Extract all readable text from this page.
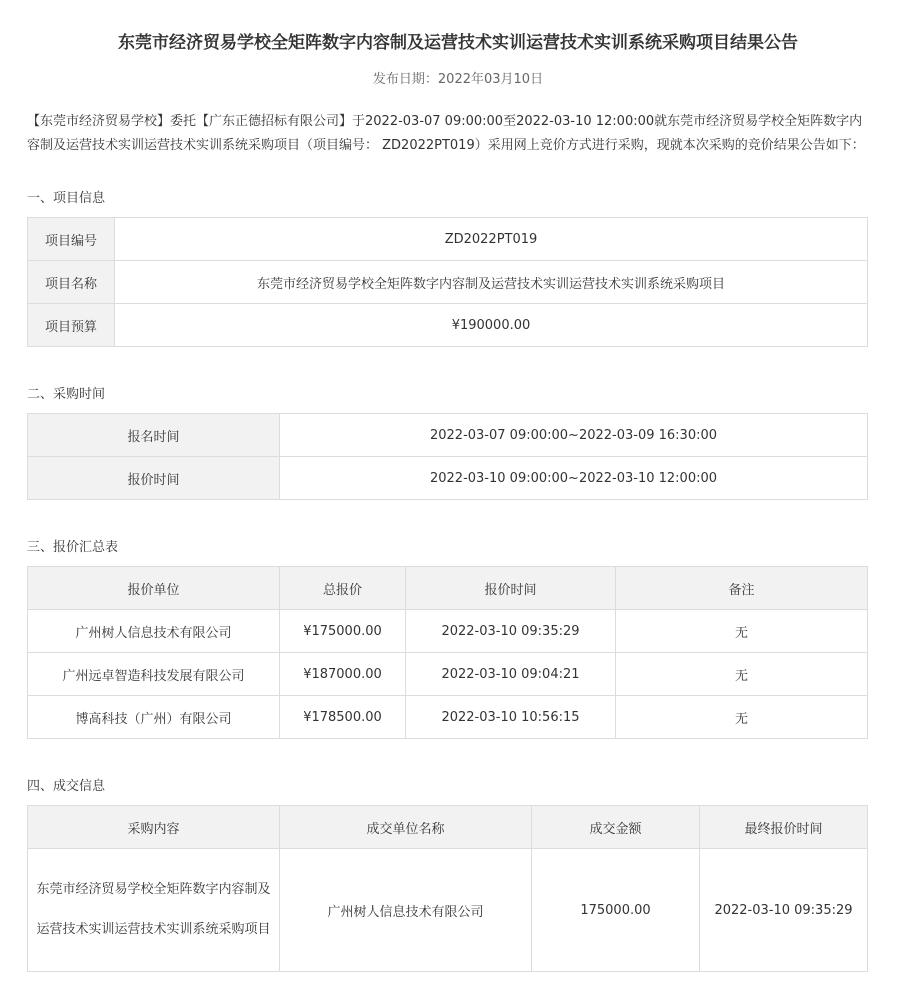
东莞市经济贸易学校全矩阵数字内容制及运营技术实训运营技术实训系统采购项目结果公告
发布日期：2022年03月10日
【东莞市经济贸易学校】委托【广东正德招标有限公司】于2022-03-07 09:00:00至2022-03-10 12:00:00就东莞市经济贸易学校全矩阵数字内容制及运营技术实训运营技术实训系统采购项目（项目编号： ZD2022PT019）采用网上竞价方式进行采购，现就本次采购的竞价结果公告如下：
一、项目信息
项目编号	ZD2022PT019
项目名称	东莞市经济贸易学校全矩阵数字内容制及运营技术实训运营技术实训系统采购项目
项目预算	¥190000.00
二、采购时间
报名时间	2022-03-07 09:00:00~2022-03-09 16:30:00
报价时间	2022-03-10 09:00:00~2022-03-10 12:00:00
三、报价汇总表
报价单位	总报价	报价时间	备注
广州树人信息技术有限公司	¥175000.00	2022-03-10 09:35:29	无
广州远卓智造科技发展有限公司	¥187000.00	2022-03-10 09:04:21	无
博高科技（广州）有限公司	¥178500.00	2022-03-10 10:56:15	无
四、成交信息
采购内容	成交单位名称	成交金额	最终报价时间
东莞市经济贸易学校全矩阵数字内容制及运营技术实训运营技术实训系统采购项目	广州树人信息技术有限公司	175000.00	2022-03-10 09:35:29
